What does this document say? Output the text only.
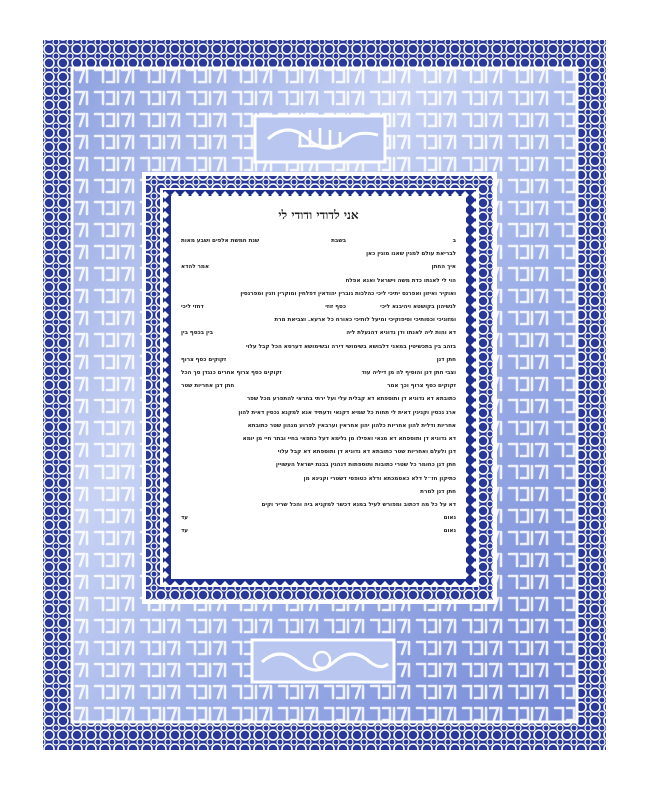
אני לדודי ודודי לי
ב
בשבת
שנת חמשת אלפים ושבע מאות
לבריאת עולם למנין שאנו מונין כאן
איך החתן
אמר להדא
הוי לי לאנתו כדת משה וישראל ואנא אפלח
ואוקיר ואיזון ואפרנס יתיכי ליכי כהלכות גוברין יהודאין דפלחין ומוקרין וזנין ומפרנסין
לנשיהון בקושטא ויהיבנא ליכי
כסף זוזי
דחזי ליכי
ומזוניכי וכסותיכי וסיפוקיכי ומיעל לותיכי כאורח כל ארעא. וצביאת מרת
דא והות ליה לאנתו ודן נדוניא דהנעלת ליה
בין בכסף בין
בזהב בין בתכשיטין במאני דלבושא בשימושי דירה ובשימושא דערסא הכל קבל עלוי
חתן דנן
זקוקים כסף צרוף
וצבי חתן דנן והוסיף לה מן דיליה עוד
זקוקים כסף צרוף אחרים כנגדן סך הכל
זקוקים כסף צרוף וכך אמר
חתן דנן אחריות שטר
כתובתא דא נדוניא דן ותוספתא דא קבלית עלי ועל ירתי בתראי להתפרע מכל שפר
ארג נכסין וקנינין דאית לי תחות כל שמיא דקנאי ודעתיד אנא למקנא נכסין דאית להון
אחריות ודלית להון אחריות כלהון יהון אחראין וערבאין לפרוע מנהון שטר כתובתא
דא נדוניא דן ותוספתא דא מנאי ואפילו מן גלימא דעל כתפאי בחיי ובתר חיי מן יומא
דנן ולעלם ואחריות שטר כתובתא דא נדוניא דן ותוספתא דא קבל עלוי
חתן דנן כחומר כל שטרי כתובות ותוספתות דנהגין בבנת ישראל העשויין
כתיקון חז״ל דלא כאסמכתא ודלא כטופסי דשטרי וקנינא מן
חתן דנן למרת
דא על כל מה דכתוב ומפורש לעיל במנא דכשר למקניא ביה והכל שריר וקים
נאום
עד
נאום
עד
